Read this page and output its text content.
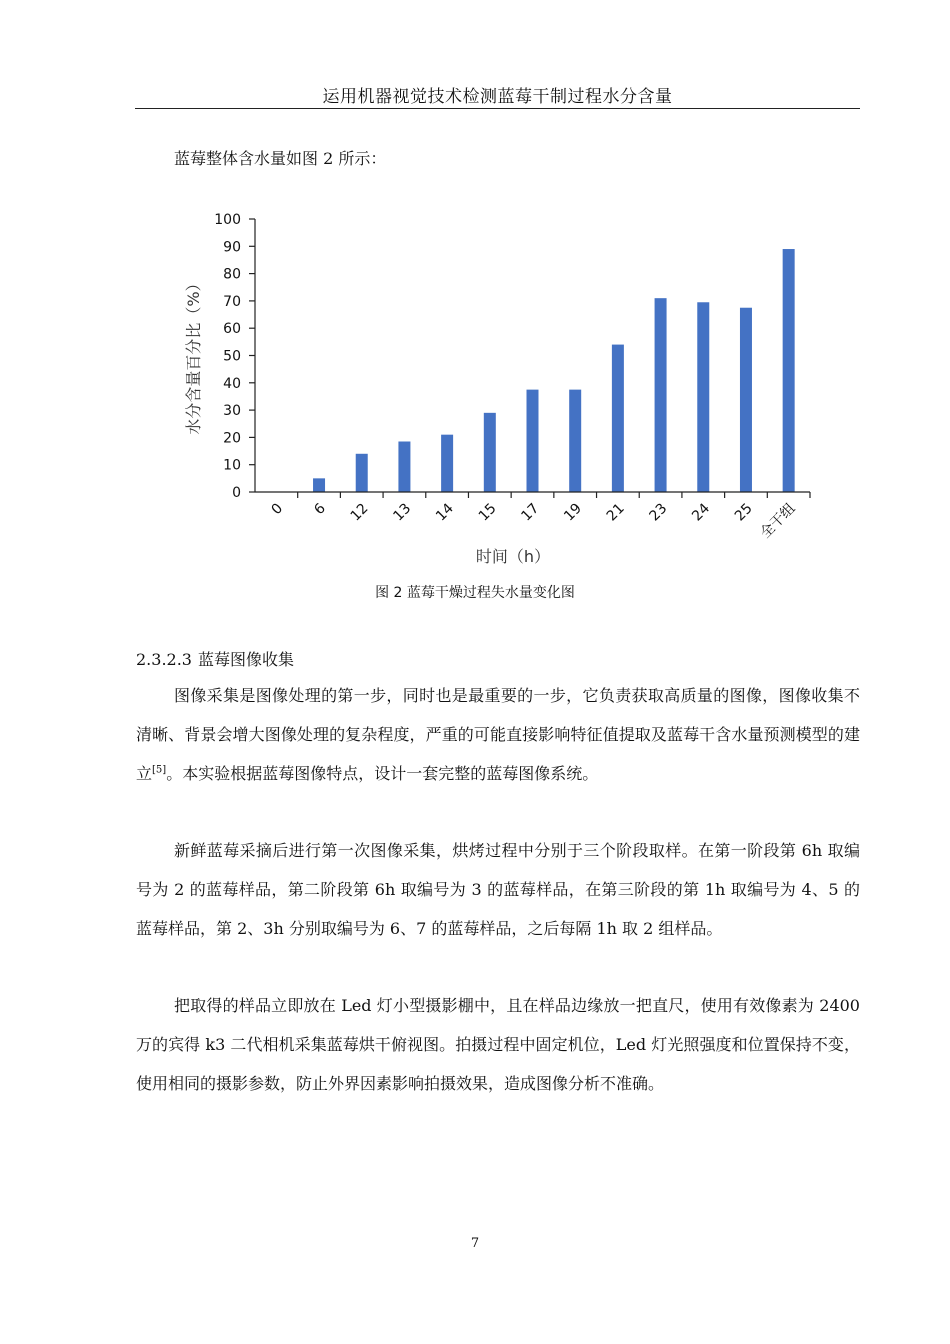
运用机器视觉技术检测蓝莓干制过程水分含量
蓝莓整体含水量如图 2 所示：
0
10
20
30
40
50
60
70
80
90
100
0 6 12 13 14 15 17 19 21 23 24 25 全干组
水分含量百分比（%）
时间（h）
图 2 蓝莓干燥过程失水量变化图
2.3.2.3 蓝莓图像收集

图像采集是图像处理的第一步，同时也是最重要的一步，它负责获取高质量的图像，图像收集不清晰、背景会增大图像处理的复杂程度，严重的可能直接影响特征值提取及蓝莓干含水量预测模型的建立[5]。本实验根据蓝莓图像特点，设计一套完整的蓝莓图像系统。

新鲜蓝莓采摘后进行第一次图像采集，烘烤过程中分别于三个阶段取样。在第一阶段第 6h 取编号为 2 的蓝莓样品，第二阶段第 6h 取编号为 3 的蓝莓样品，在第三阶段的第 1h 取编号为 4、5 的蓝莓样品，第 2、3h 分别取编号为 6、7 的蓝莓样品，之后每隔 1h 取 2 组样品。

把取得的样品立即放在 Led 灯小型摄影棚中，且在样品边缘放一把直尺，使用有效像素为 2400 万的宾得 k3 二代相机采集蓝莓烘干俯视图。拍摄过程中固定机位，Led 灯光照强度和位置保持不变，使用相同的摄影参数，防止外界因素影响拍摄效果，造成图像分析不准确。

7
